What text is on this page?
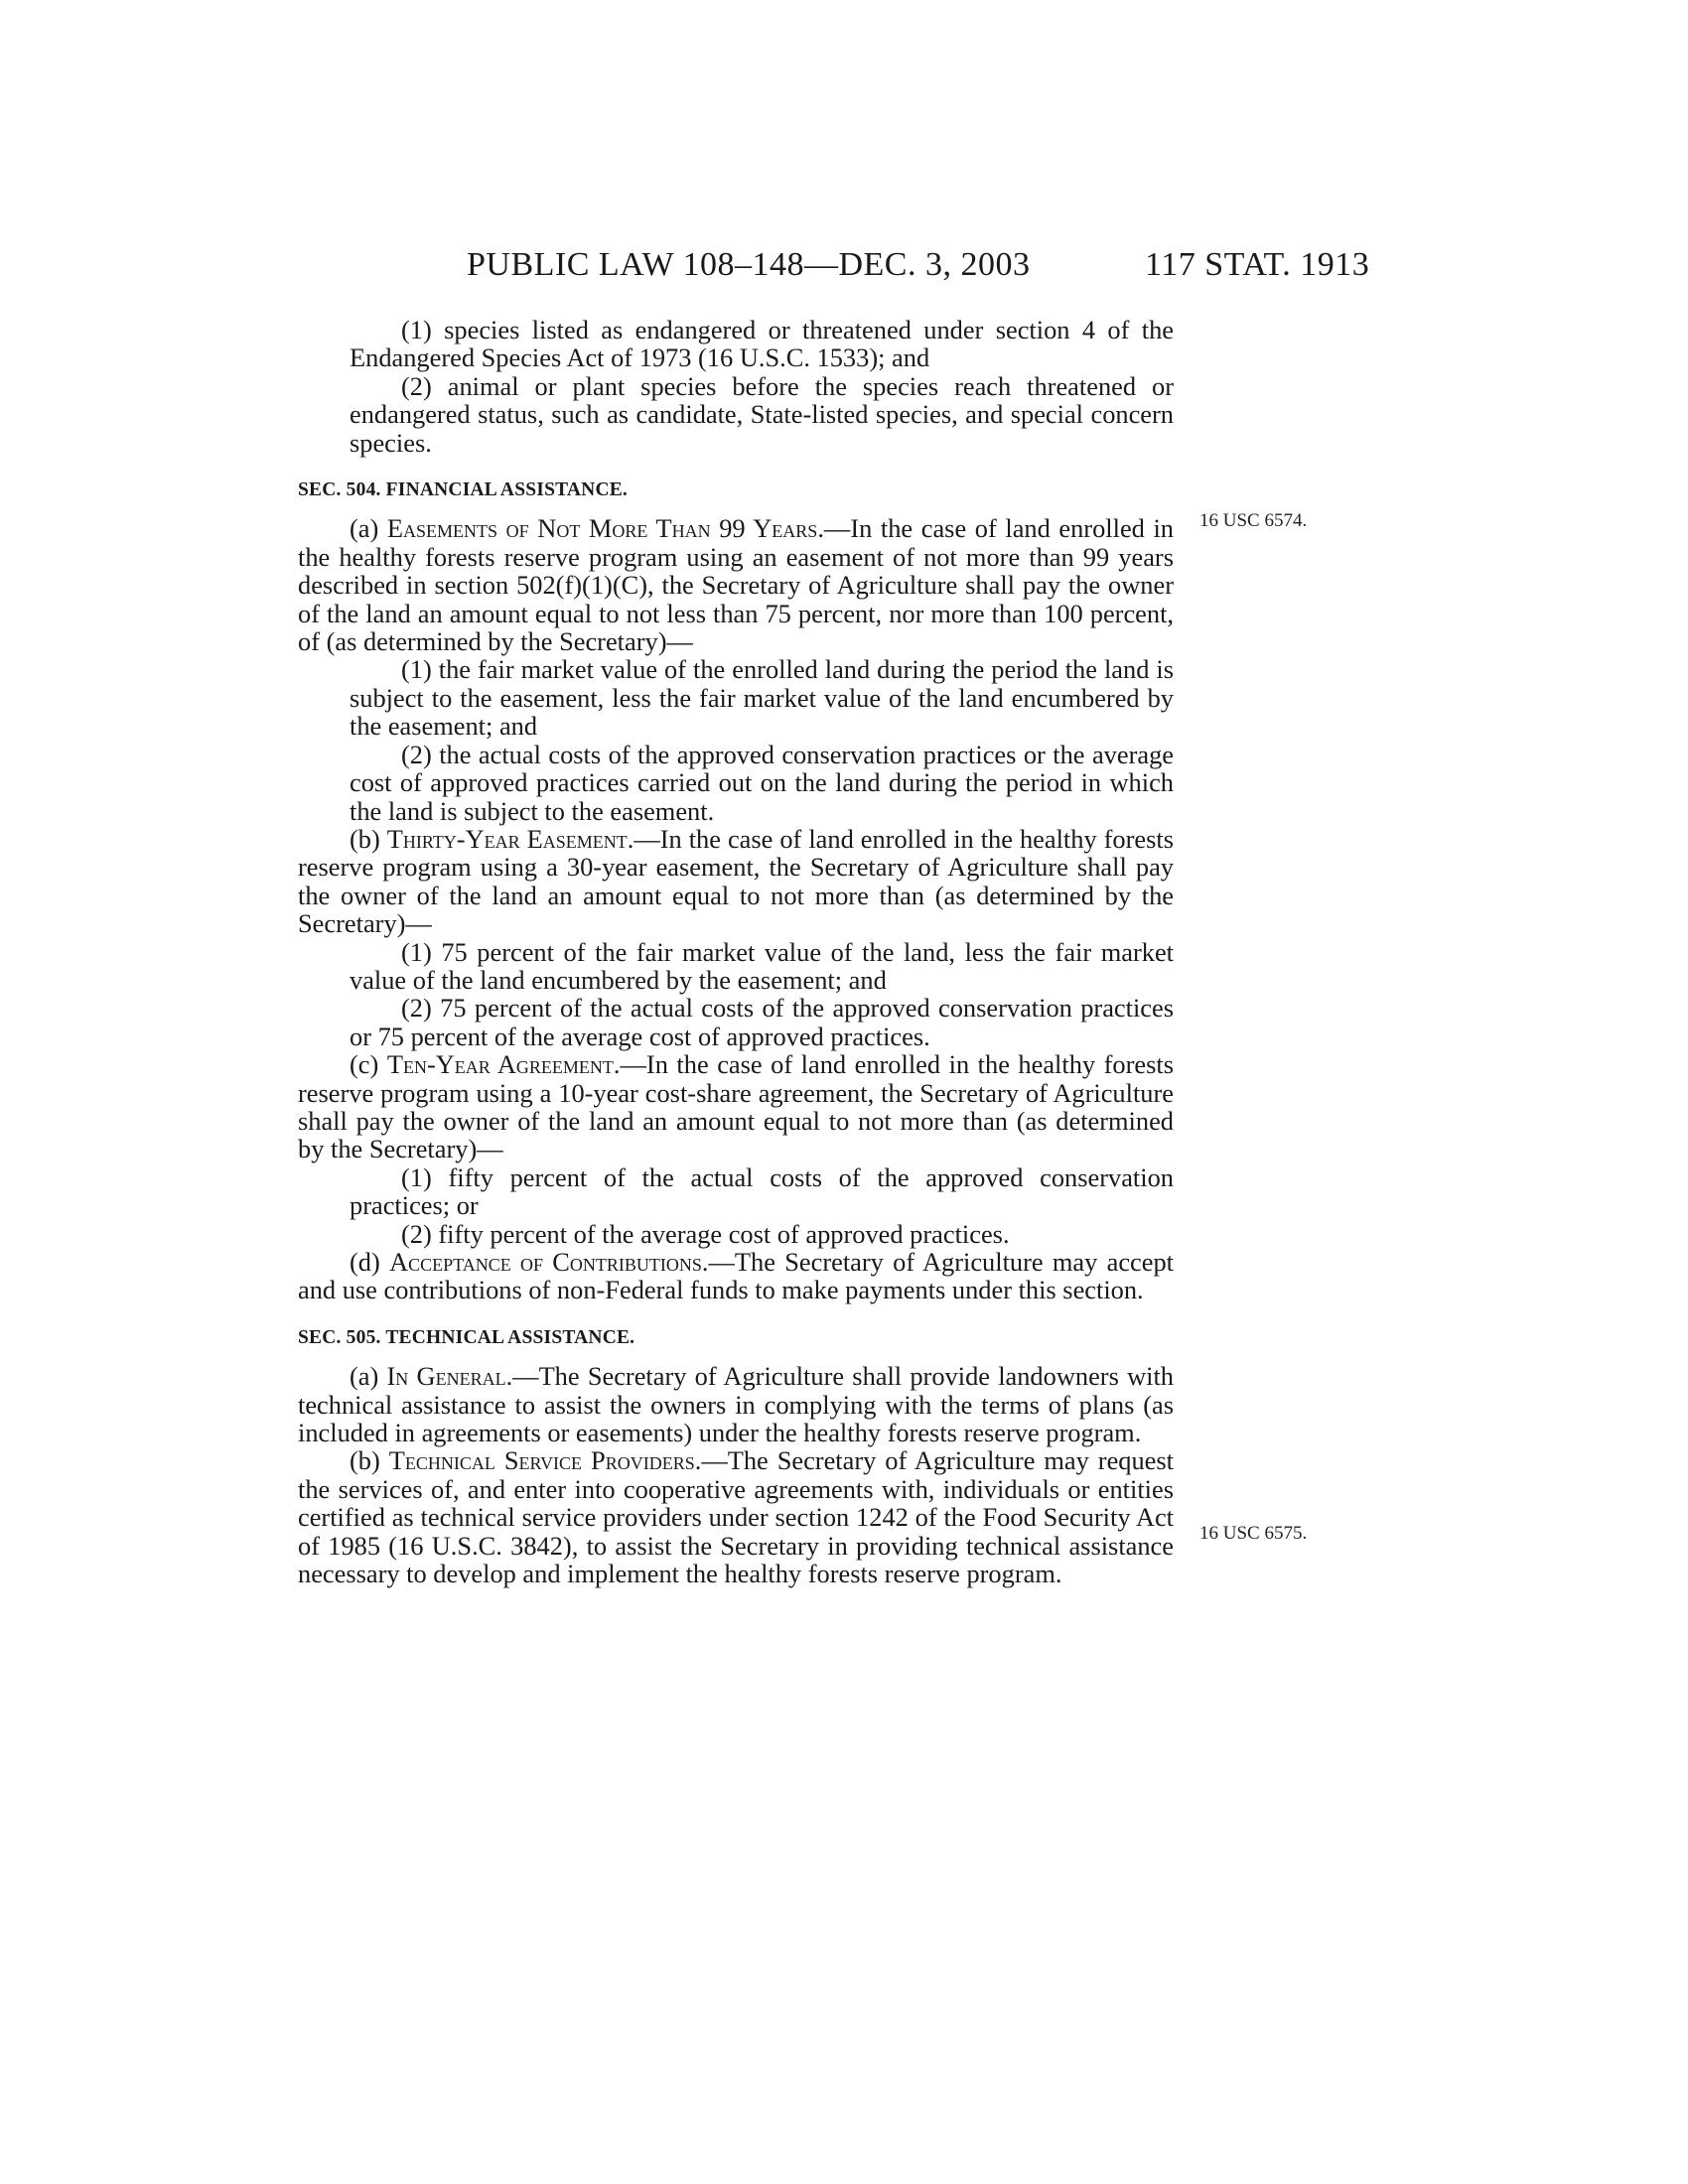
PUBLIC LAW 108–148—DEC. 3, 2003	117 STAT. 1913
16 USC 6574.
16 USC 6575.

(1) species listed as endangered or threatened under section 4 of the Endangered Species Act of 1973 (16 U.S.C. 1533); and

(2) animal or plant species before the species reach threatened or endangered status, such as candidate, State-listed species, and special concern species.

SEC. 504. FINANCIAL ASSISTANCE.

(a) Easements of Not More Than 99 Years.—In the case of land enrolled in the healthy forests reserve program using an easement of not more than 99 years described in section 502(f)(1)(C), the Secretary of Agriculture shall pay the owner of the land an amount equal to not less than 75 percent, nor more than 100 percent, of (as determined by the Secretary)—

(1) the fair market value of the enrolled land during the period the land is subject to the easement, less the fair market value of the land encumbered by the easement; and

(2) the actual costs of the approved conservation practices or the average cost of approved practices carried out on the land during the period in which the land is subject to the easement.

(b) Thirty-Year Easement.—In the case of land enrolled in the healthy forests reserve program using a 30-year easement, the Secretary of Agriculture shall pay the owner of the land an amount equal to not more than (as determined by the Secretary)—

(1) 75 percent of the fair market value of the land, less the fair market value of the land encumbered by the easement; and

(2) 75 percent of the actual costs of the approved conservation practices or 75 percent of the average cost of approved practices.

(c) Ten-Year Agreement.—In the case of land enrolled in the healthy forests reserve program using a 10-year cost-share agreement, the Secretary of Agriculture shall pay the owner of the land an amount equal to not more than (as determined by the Secretary)—

(1) fifty percent of the actual costs of the approved conservation practices; or

(2) fifty percent of the average cost of approved practices.

(d) Acceptance of Contributions.—The Secretary of Agriculture may accept and use contributions of non-Federal funds to make payments under this section.

SEC. 505. TECHNICAL ASSISTANCE.

(a) In General.—The Secretary of Agriculture shall provide landowners with technical assistance to assist the owners in complying with the terms of plans (as included in agreements or easements) under the healthy forests reserve program.

(b) Technical Service Providers.—The Secretary of Agriculture may request the services of, and enter into cooperative agreements with, individuals or entities certified as technical service providers under section 1242 of the Food Security Act of 1985 (16 U.S.C. 3842), to assist the Secretary in providing technical assistance necessary to develop and implement the healthy forests reserve program.
